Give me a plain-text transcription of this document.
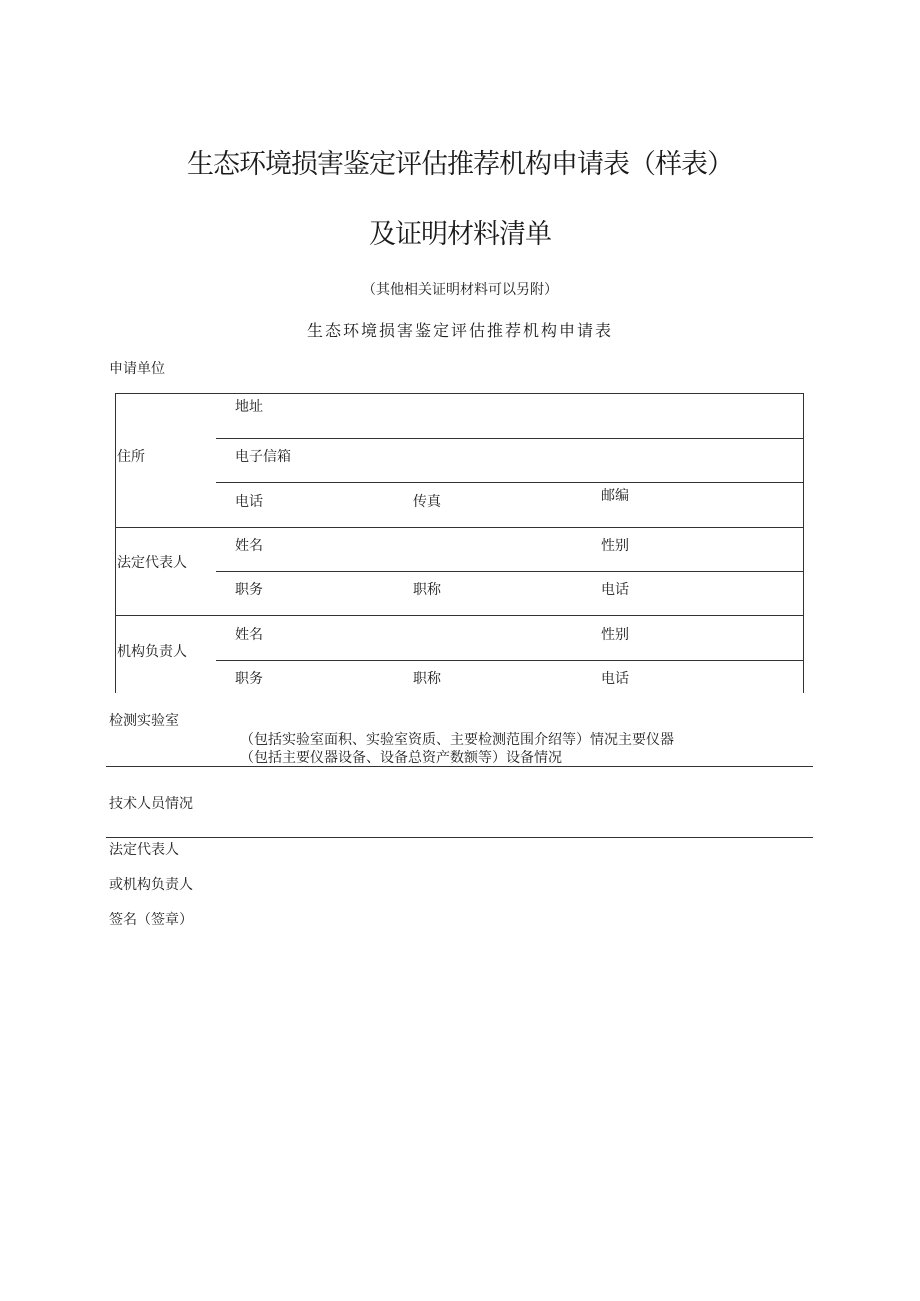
生态环境损害鉴定评估推荐机构申请表（样表）
及证明材料清单
（其他相关证明材料可以另附）
生态环境损害鉴定评估推荐机构申请表
申请单位
住所
地址
电子信箱
电话	传真	邮编
法定代表人
姓名	性别
职务	职称	电话
机构负责人
姓名	性别
职务	职称	电话
检测实验室
（包括实验室面积、实验室资质、主要检测范围介绍等）情况主要仪器
（包括主要仪器设备、设备总资产数额等）设备情况
技术人员情况
法定代表人
或机构负责人
签名（签章）
